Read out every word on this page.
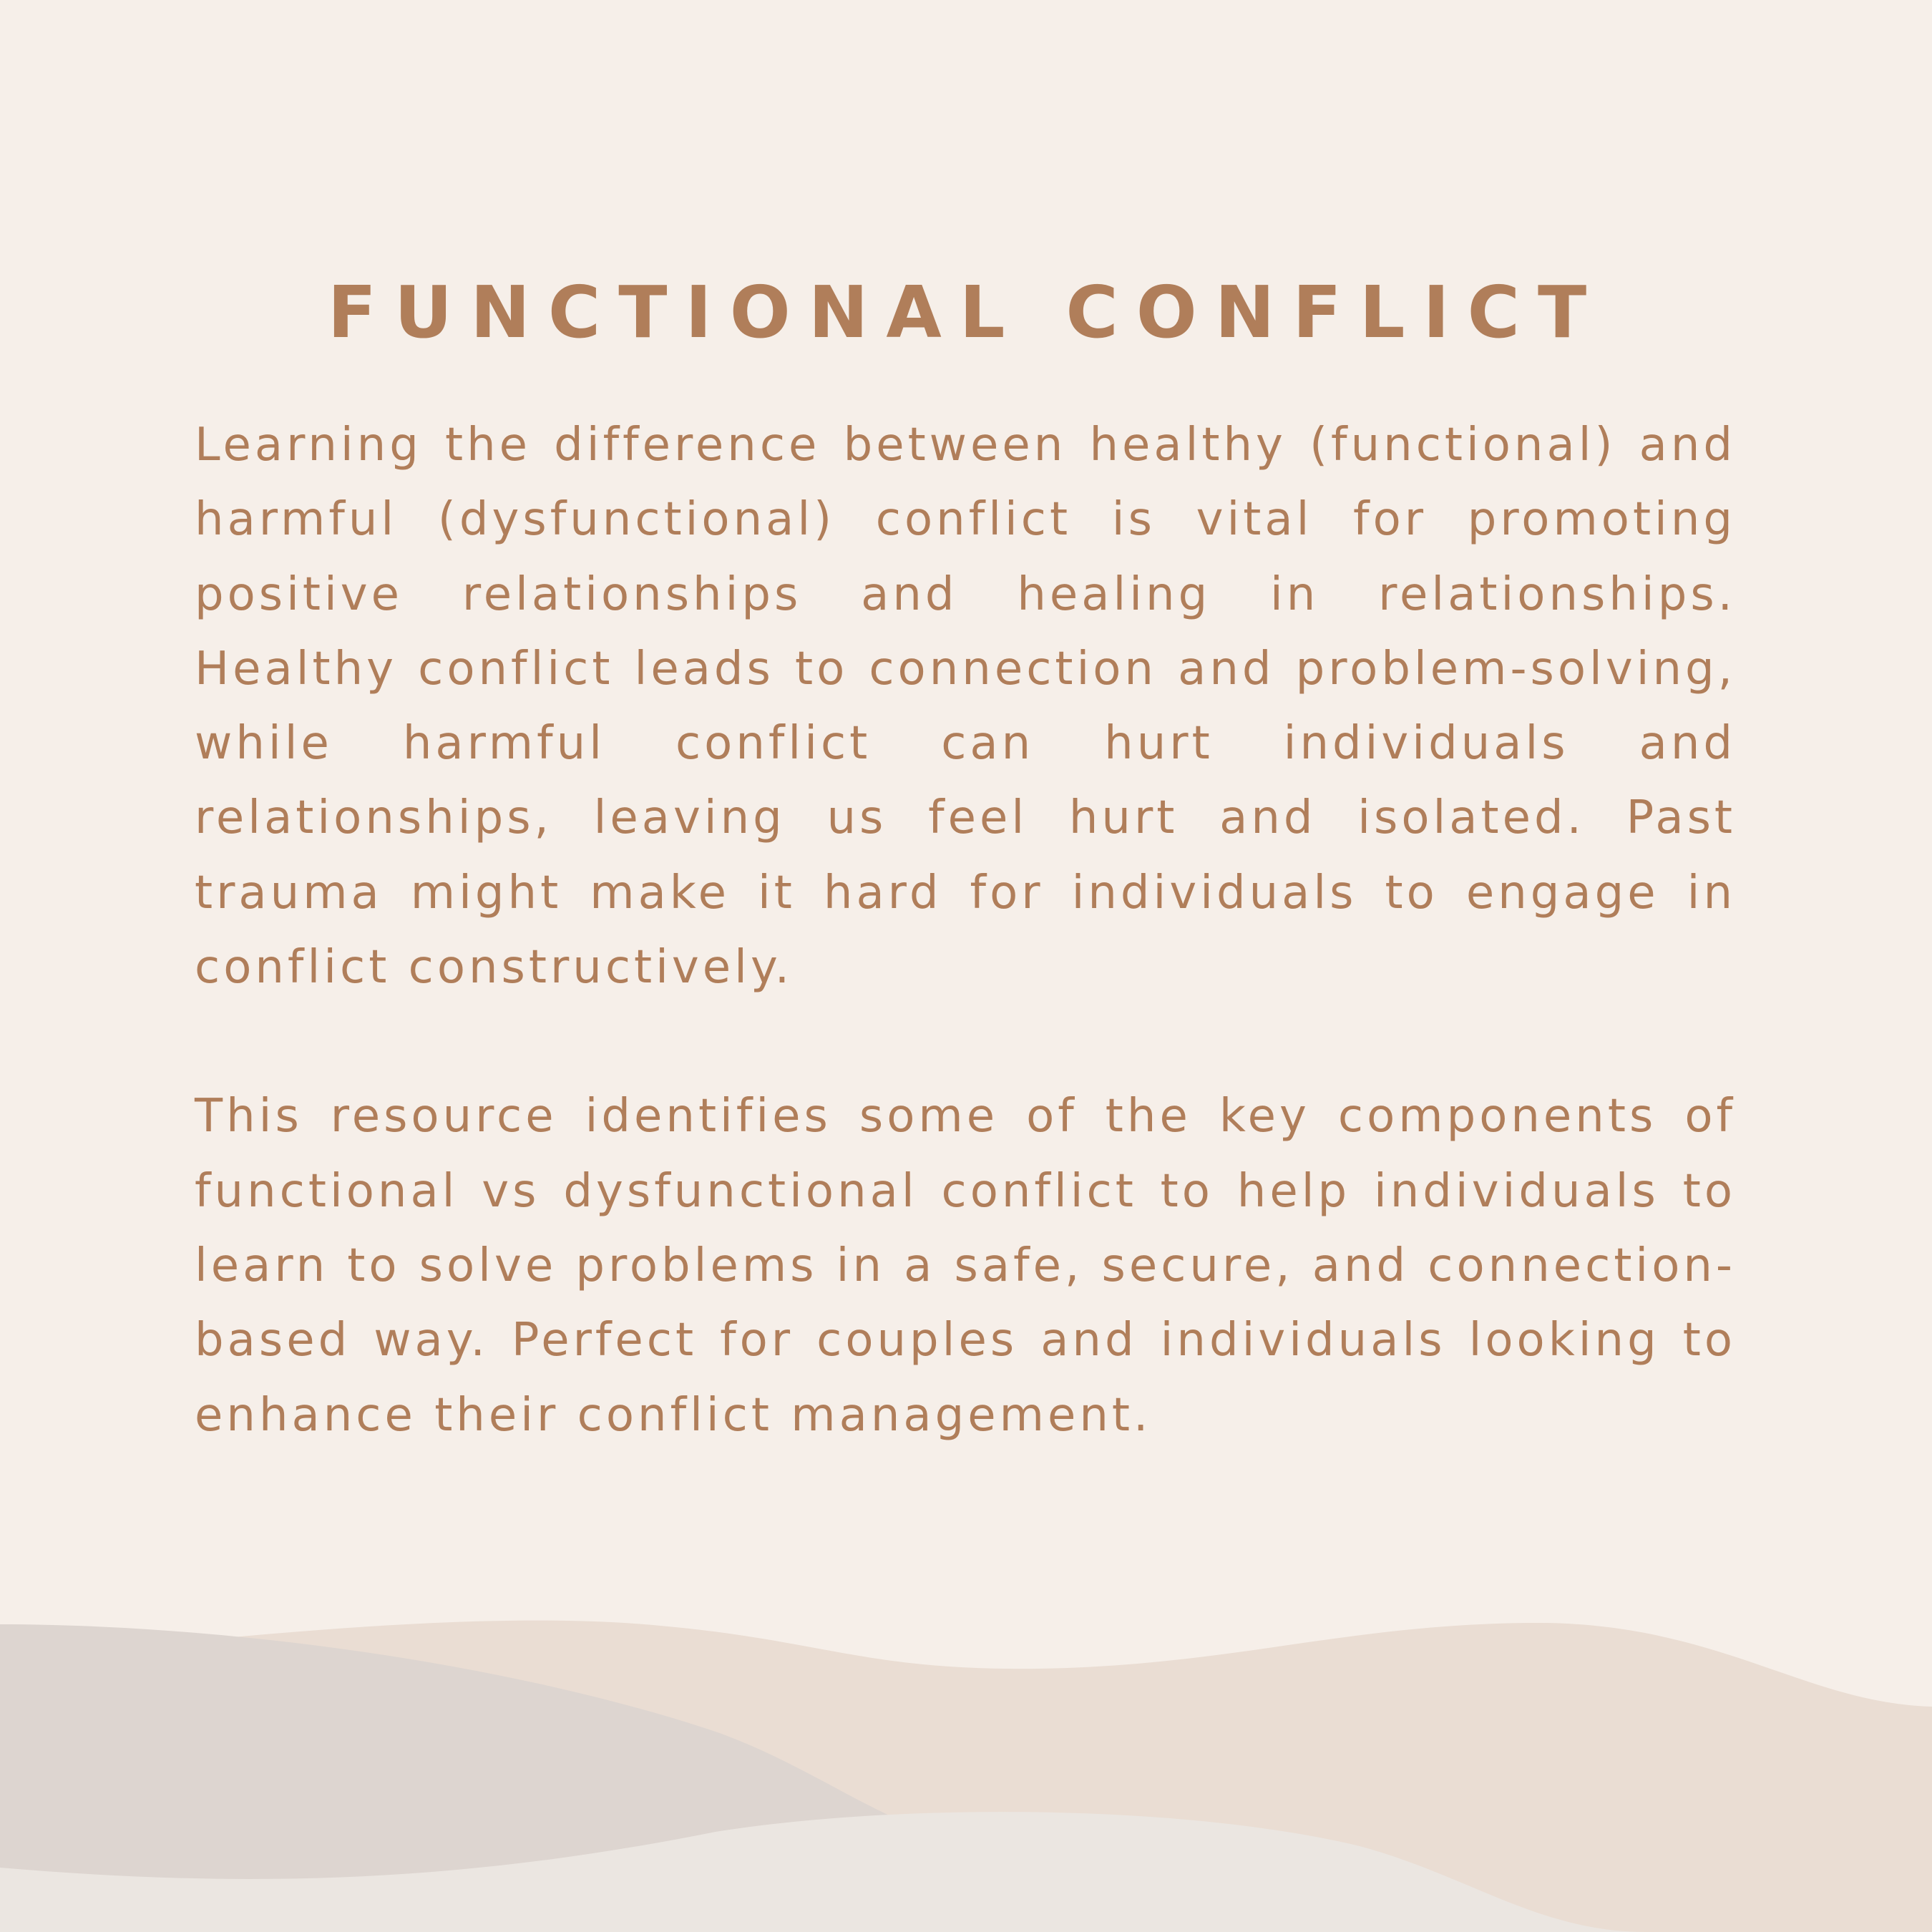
FUNCTIONAL CONFLICT

Learning the difference between healthy (functional) and harmful (dysfunctional) conflict is vital for promoting positive relationships and healing in relationships. Healthy conflict leads to connection and problem-solving, while harmful conflict can hurt individuals and relationships, leaving us feel hurt and isolated. Past trauma might make it hard for individuals to engage in conflict constructively.

This resource identifies some of the key components of functional vs dysfunctional conflict to help individuals to learn to solve problems in a safe, secure, and connection-based way. Perfect for couples and individuals looking to enhance their conflict management.
